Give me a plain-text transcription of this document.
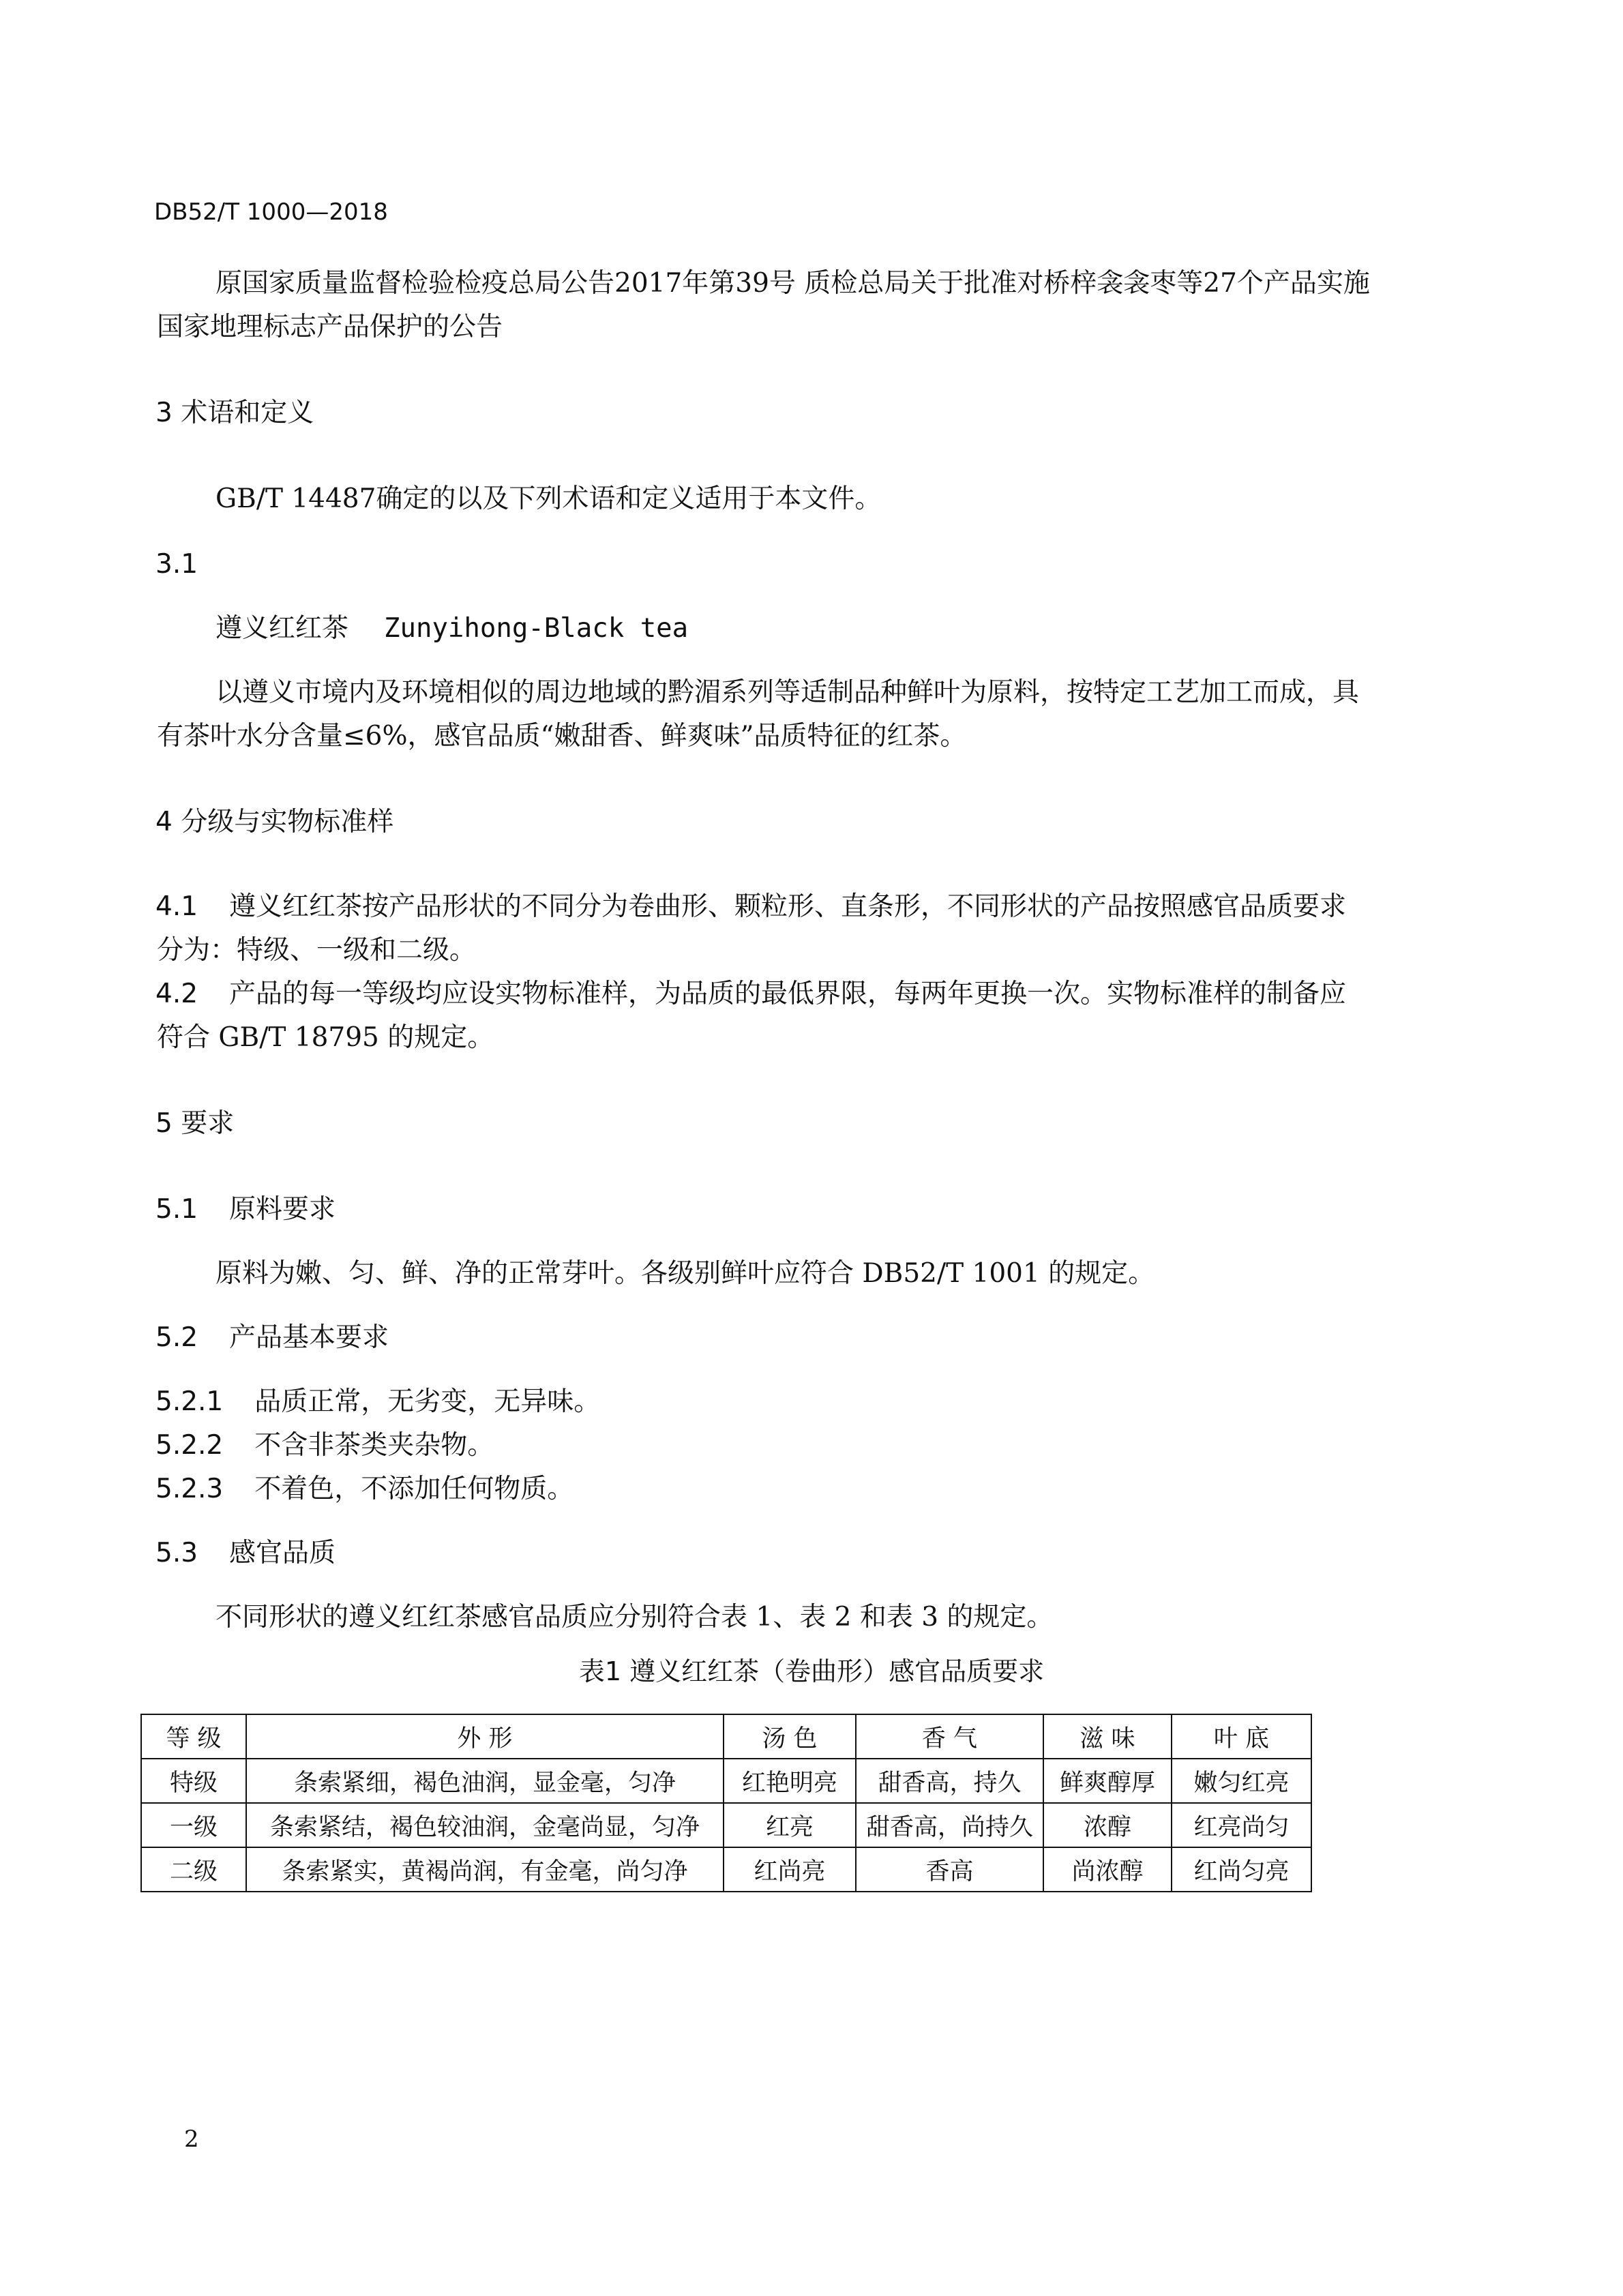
DB52/T 1000—2018
原国家质量监督检验检疫总局公告2017年第39号 质检总局关于批准对桥梓衾衾枣等27个产品实施
国家地理标志产品保护的公告
3 术语和定义
GB/T 14487确定的以及下列术语和定义适用于本文件。
3.1
遵义红红茶 Zunyihong-Black tea
以遵义市境内及环境相似的周边地域的黔湄系列等适制品种鲜叶为原料，按特定工艺加工而成，具
有茶叶水分含量≤6%，感官品质“嫩甜香、鲜爽味”品质特征的红茶。
4 分级与实物标准样
4.1 遵义红红茶按产品形状的不同分为卷曲形、颗粒形、直条形，不同形状的产品按照感官品质要求
分为：特级、一级和二级。
4.2 产品的每一等级均应设实物标准样，为品质的最低界限，每两年更换一次。实物标准样的制备应
符合 GB/T 18795 的规定。
5 要求
5.1 原料要求
原料为嫩、匀、鲜、净的正常芽叶。各级别鲜叶应符合 DB52/T 1001 的规定。
5.2 产品基本要求
5.2.1 品质正常，无劣变，无异味。
5.2.2 不含非茶类夹杂物。
5.2.3 不着色，不添加任何物质。
5.3 感官品质
不同形状的遵义红红茶感官品质应分别符合表 1、表 2 和表 3 的规定。
表1 遵义红红茶（卷曲形）感官品质要求
等 级	外 形	汤 色	香 气	滋 味	叶 底
特级	条索紧细，褐色油润，显金毫，匀净	红艳明亮	甜香高，持久	鲜爽醇厚	嫩匀红亮
一级	条索紧结，褐色较油润，金毫尚显，匀净	红亮	甜香高，尚持久	浓醇	红亮尚匀
二级	条索紧实，黄褐尚润，有金毫，尚匀净	红尚亮	香高	尚浓醇	红尚匀亮
2
